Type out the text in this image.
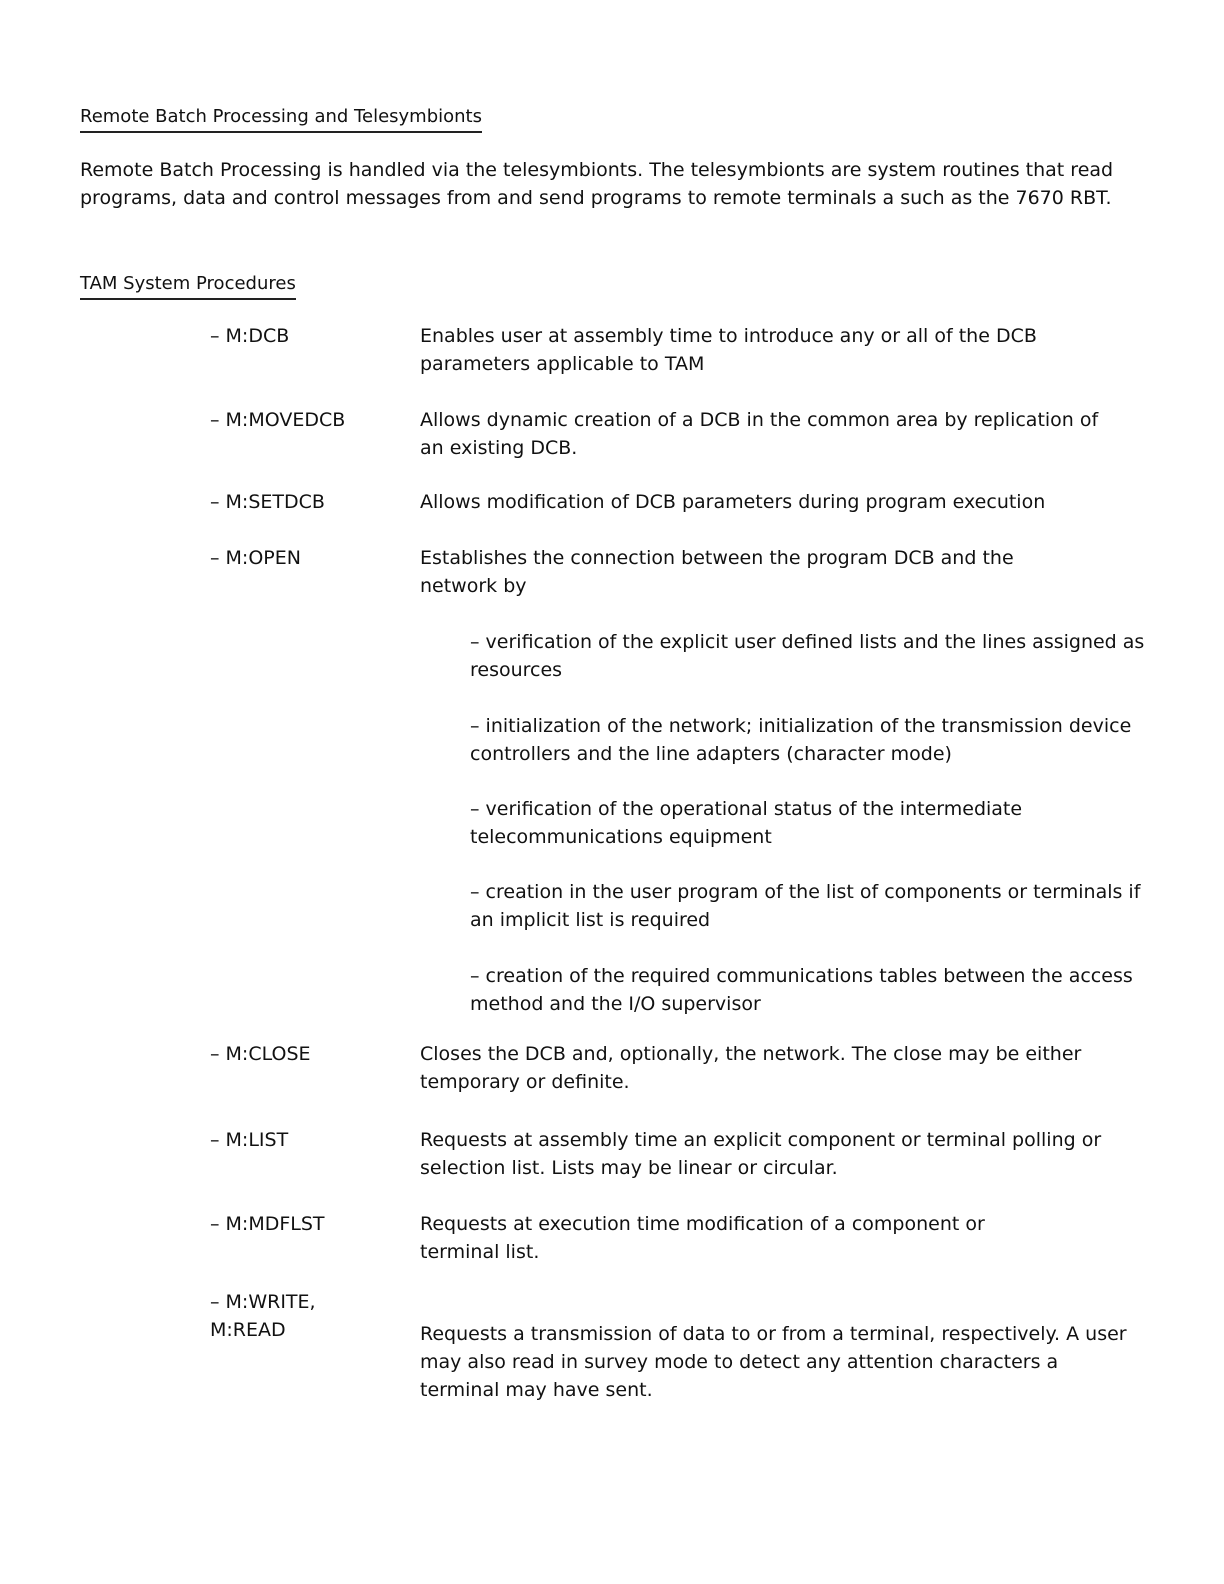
Remote Batch Processing and Telesymbionts

Remote Batch Processing is handled via the telesymbionts. The telesymbionts are system routines that read programs, data and control messages from and send programs to remote terminals a such as the 7670 RBT.

TAM System Procedures
– M:DCB	Enables user at assembly time to introduce any or all of the DCB parameters applicable to TAM

– M:MOVEDCB	Allows dynamic creation of a DCB in the common area by replication of an existing DCB.

– M:SETDCB	Allows modification of DCB parameters during program execution

– M:OPEN	Establishes the connection between the program DCB and the network by

– verification of the explicit user defined lists and the lines assigned as resources

– initialization of the network; initialization of the transmission device controllers and the line adapters (character mode)

– verification of the operational status of the intermediate telecommunications equipment

– creation in the user program of the list of components or terminals if an implicit list is required

– creation of the required communications tables between the access method and the I/O supervisor

– M:CLOSE	Closes the DCB and, optionally, the network. The close may be either temporary or definite.

– M:LIST	Requests at assembly time an explicit component or terminal polling or selection list. Lists may be linear or circular.

– M:MDFLST	Requests at execution time modification of a component or terminal list.

– M:WRITE,
M:READ	Requests a transmission of data to or from a terminal, respectively. A user may also read in survey mode to detect any attention characters a terminal may have sent.
